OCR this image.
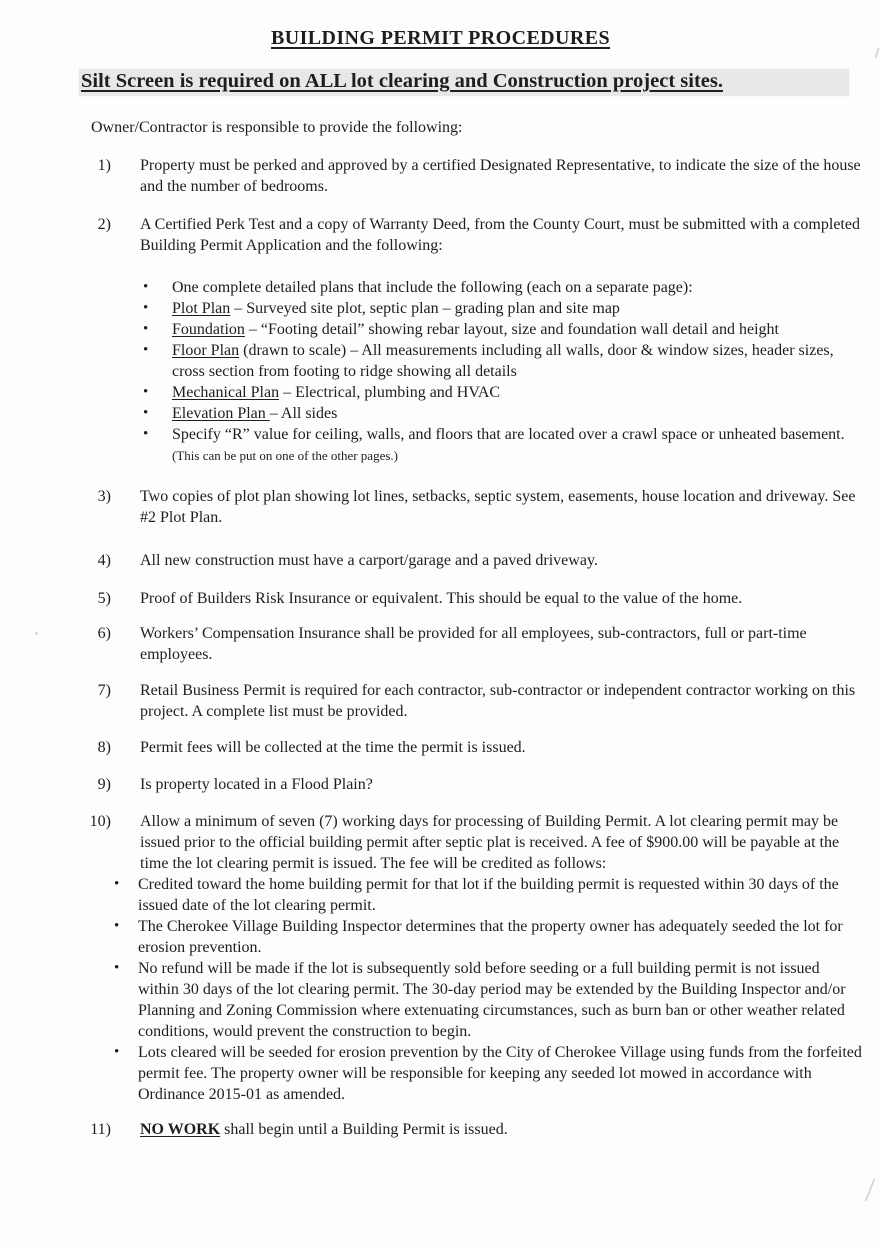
BUILDING PERMIT PROCEDURES
Silt Screen is required on ALL lot clearing and Construction project sites.
Owner/Contractor is responsible to provide the following:
1) Property must be perked and approved by a certified Designated Representative, to indicate the size of the house and the number of bedrooms.
2) A Certified Perk Test and a copy of Warranty Deed, from the County Court, must be submitted with a completed Building Permit Application and the following:
• One complete detailed plans that include the following (each on a separate page):
• Plot Plan – Surveyed site plot, septic plan – grading plan and site map
• Foundation – “Footing detail” showing rebar layout, size and foundation wall detail and height
• Floor Plan (drawn to scale) – All measurements including all walls, door & window sizes, header sizes, cross section from footing to ridge showing all details
• Mechanical Plan – Electrical, plumbing and HVAC
• Elevation Plan – All sides
• Specify “R” value for ceiling, walls, and floors that are located over a crawl space or unheated basement. (This can be put on one of the other pages.)
3) Two copies of plot plan showing lot lines, setbacks, septic system, easements, house location and driveway. See #2 Plot Plan.
4) All new construction must have a carport/garage and a paved driveway.
5) Proof of Builders Risk Insurance or equivalent. This should be equal to the value of the home.
6) Workers’ Compensation Insurance shall be provided for all employees, sub-contractors, full or part-time employees.
7) Retail Business Permit is required for each contractor, sub-contractor or independent contractor working on this project. A complete list must be provided.
8) Permit fees will be collected at the time the permit is issued.
9) Is property located in a Flood Plain?
10) Allow a minimum of seven (7) working days for processing of Building Permit. A lot clearing permit may be issued prior to the official building permit after septic plat is received. A fee of $900.00 will be payable at the time the lot clearing permit is issued. The fee will be credited as follows:
• Credited toward the home building permit for that lot if the building permit is requested within 30 days of the issued date of the lot clearing permit.
• The Cherokee Village Building Inspector determines that the property owner has adequately seeded the lot for erosion prevention.
• No refund will be made if the lot is subsequently sold before seeding or a full building permit is not issued within 30 days of the lot clearing permit. The 30-day period may be extended by the Building Inspector and/or Planning and Zoning Commission where extenuating circumstances, such as burn ban or other weather related conditions, would prevent the construction to begin.
• Lots cleared will be seeded for erosion prevention by the City of Cherokee Village using funds from the forfeited permit fee. The property owner will be responsible for keeping any seeded lot mowed in accordance with Ordinance 2015-01 as amended.
11) NO WORK shall begin until a Building Permit is issued.
